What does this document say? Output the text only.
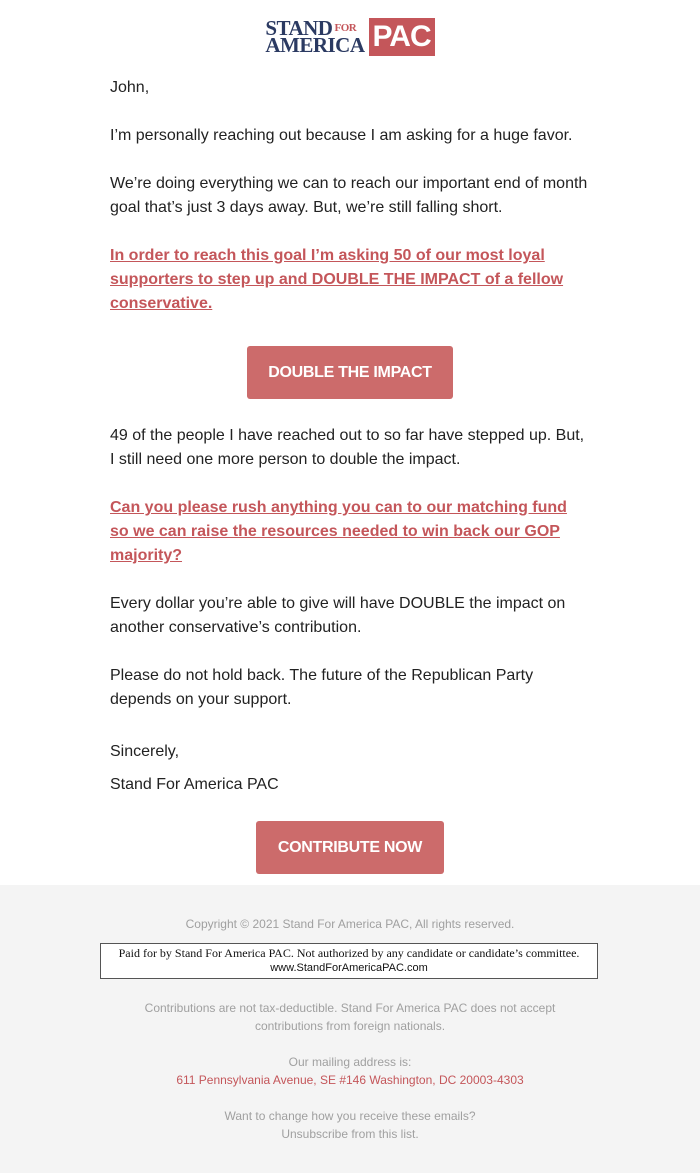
STAND $^{FOR}$
AMERICA PAC

John,

I’m personally reaching out because I am asking for a huge favor.

We’re doing everything we can to reach our important end of month goal that’s just 3 days away. But, we’re still falling short.

In order to reach this goal I’m asking 50 of our most loyal supporters to step up and DOUBLE THE IMPACT of a fellow conservative.

DOUBLE THE IMPACT

49 of the people I have reached out to so far have stepped up. But, I still need one more person to double the impact.

Can you please rush anything you can to our matching fund so we can raise the resources needed to win back our GOP majority?

Every dollar you’re able to give will have DOUBLE the impact on another conservative’s contribution.

Please do not hold back. The future of the Republican Party depends on your support.

Sincerely,

Stand For America PAC

CONTRIBUTE NOW
Copyright © 2021 Stand For America PAC, All rights reserved.
Paid for by Stand For America PAC. Not authorized by any candidate or candidate’s committee.
www.StandForAmericaPAC.com
Contributions are not tax-deductible. Stand For America PAC does not accept contributions from foreign nationals.
Our mailing address is:
611 Pennsylvania Avenue, SE #146 Washington, DC 20003-4303
Want to change how you receive these emails?
Unsubscribe from this list.
